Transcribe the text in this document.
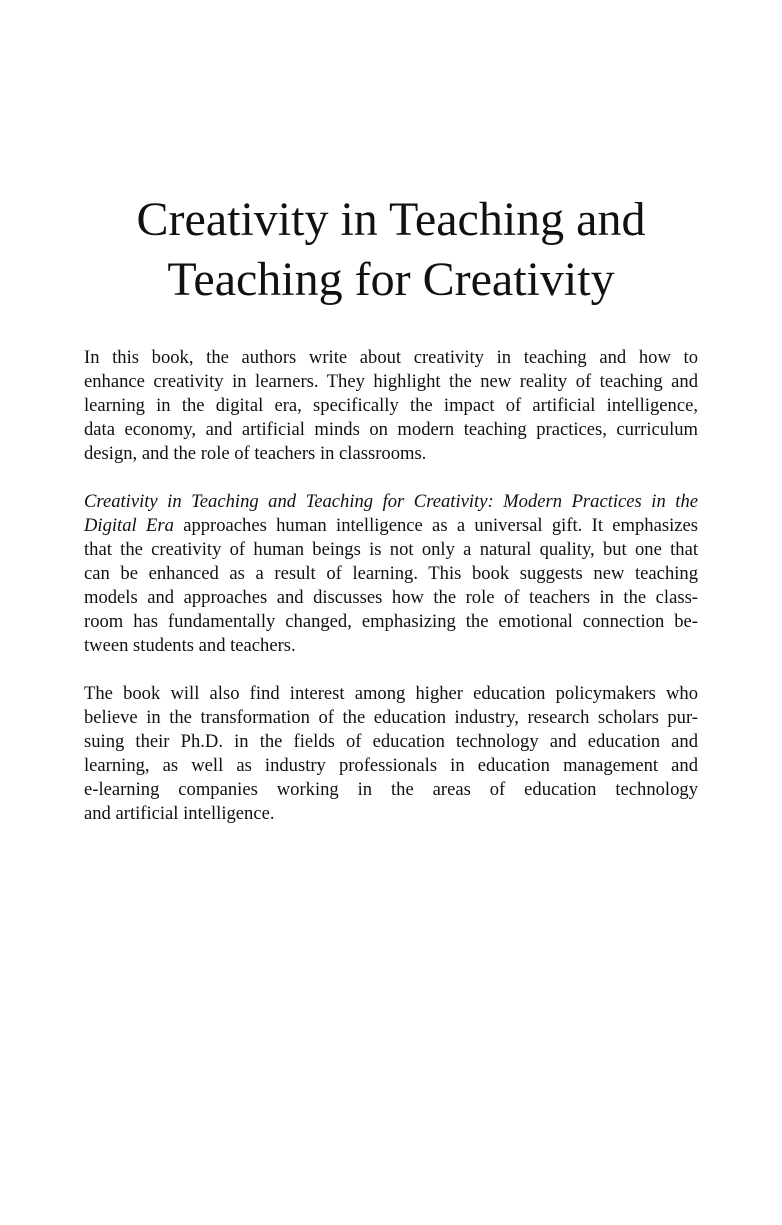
Creativity in Teaching and
Teaching for Creativity
In this book, the authors write about creativity in teaching and how to
enhance creativity in learners. They highlight the new reality of teaching and
learning in the digital era, specifically the impact of artificial intelligence,
data economy, and artificial minds on modern teaching practices, curriculum
design, and the role of teachers in classrooms.
Creativity in Teaching and Teaching for Creativity: Modern Practices in the
Digital Era approaches human intelligence as a universal gift. It emphasizes
that the creativity of human beings is not only a natural quality, but one that
can be enhanced as a result of learning. This book suggests new teaching
models and approaches and discusses how the role of teachers in the class-
room has fundamentally changed, emphasizing the emotional connection be-
tween students and teachers.
The book will also find interest among higher education policymakers who
believe in the transformation of the education industry, research scholars pur-
suing their Ph.D. in the fields of education technology and education and
learning, as well as industry professionals in education management and
e-learning companies working in the areas of education technology
and artificial intelligence.
